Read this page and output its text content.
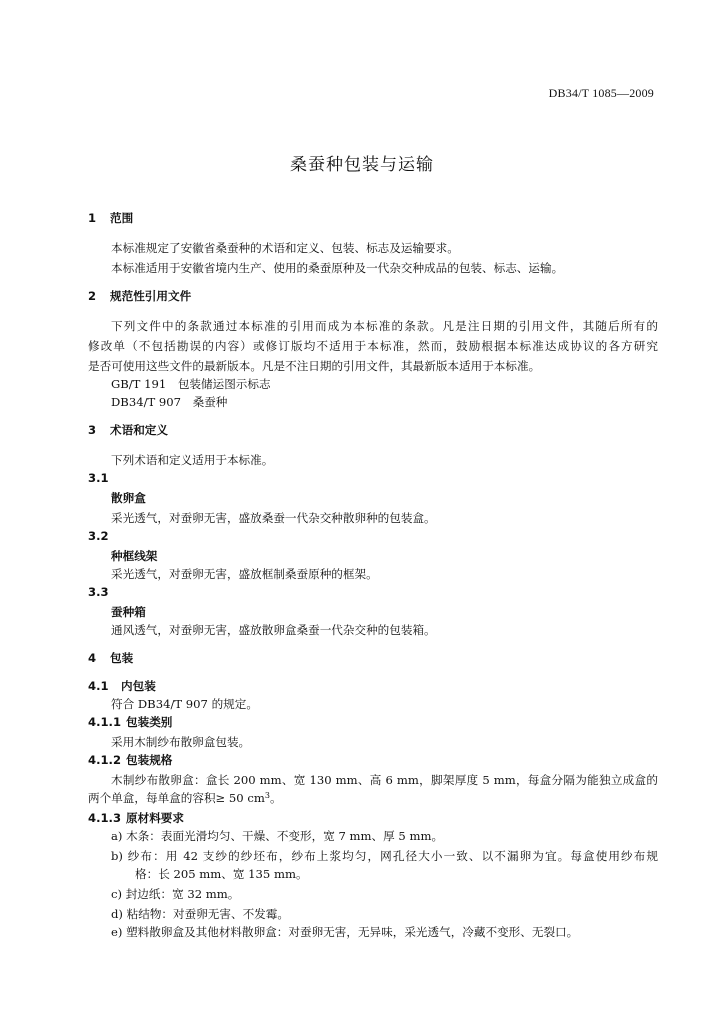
DB34/T 1085—2009
桑蚕种包装与运输
1 范围
本标准规定了安徽省桑蚕种的术语和定义、包装、标志及运输要求。
本标准适用于安徽省境内生产、使用的桑蚕原种及一代杂交种成品的包装、标志、运输。
2 规范性引用文件
下列文件中的条款通过本标准的引用而成为本标准的条款。凡是注日期的引用文件，其随后所有的
修改单（不包括勘误的内容）或修订版均不适用于本标准，然而，鼓励根据本标准达成协议的各方研究
是否可使用这些文件的最新版本。凡是不注日期的引用文件，其最新版本适用于本标准。
GB/T 191　包装储运图示标志
DB34/T 907　桑蚕种
3 术语和定义
下列术语和定义适用于本标准。
3.1
散卵盒
采光透气，对蚕卵无害，盛放桑蚕一代杂交种散卵种的包装盒。
3.2
种框线架
采光透气，对蚕卵无害，盛放框制桑蚕原种的框架。
3.3
蚕种箱
通风透气，对蚕卵无害，盛放散卵盒桑蚕一代杂交种的包装箱。
4 包装
4.1 内包装
符合 DB34/T 907 的规定。
4.1.1 包装类别
采用木制纱布散卵盒包装。
4.1.2 包装规格
木制纱布散卵盒：盒长 200 mm、宽 130 mm、高 6 mm，脚架厚度 5 mm，每盒分隔为能独立成盒的
两个单盒，每单盒的容积≥ 50 $cm^3$。
4.1.3 原材料要求
a) 木条：表面光滑均匀、干燥、不变形，宽 7 mm、厚 5 mm。
b) 纱布：用 42 支纱的纱坯布，纱布上浆均匀，网孔径大小一致、以不漏卵为宜。每盒使用纱布规
格：长 205 mm、宽 135 mm。
c) 封边纸：宽 32 mm。
d) 粘结物：对蚕卵无害、不发霉。
e) 塑料散卵盒及其他材料散卵盒：对蚕卵无害，无异味，采光透气，冷藏不变形、无裂口。
